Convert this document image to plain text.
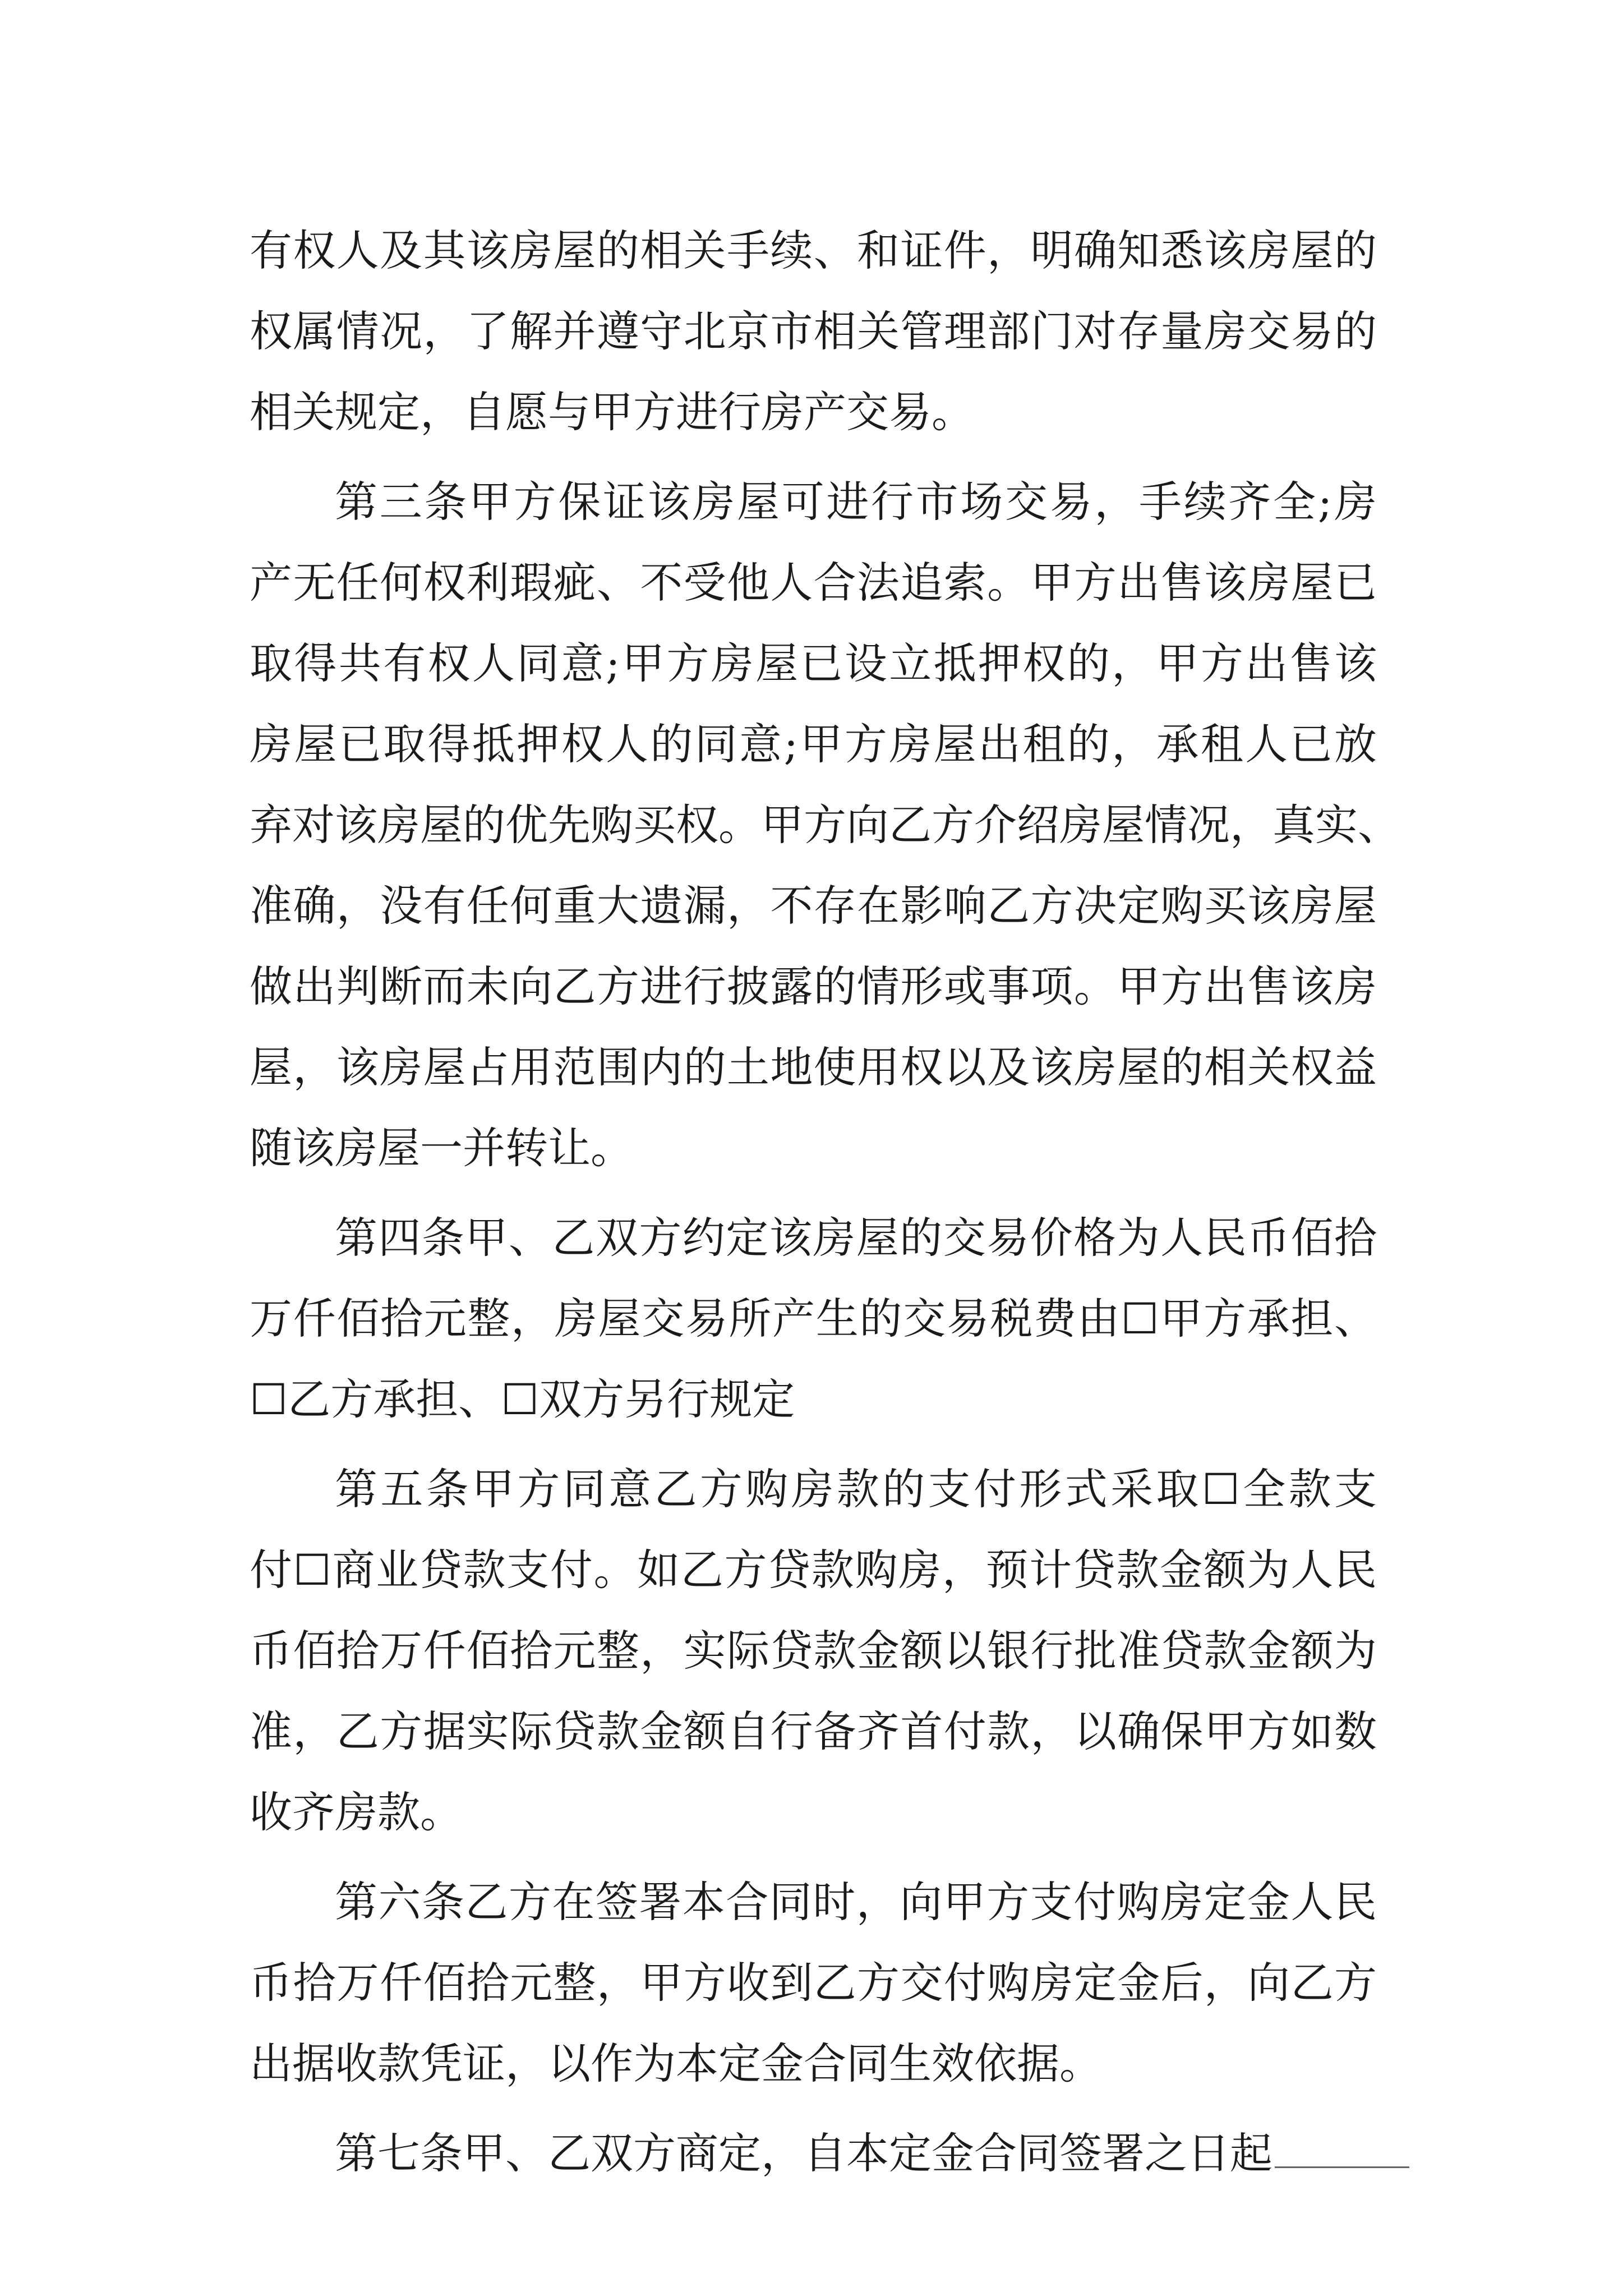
有权人及其该房屋的相关手续、和证件，明确知悉该房屋的
权属情况，了解并遵守北京市相关管理部门对存量房交易的
相关规定，自愿与甲方进行房产交易。
第三条甲方保证该房屋可进行市场交易，手续齐全;房
产无任何权利瑕疵、不受他人合法追索。甲方出售该房屋已
取得共有权人同意;甲方房屋已设立抵押权的，甲方出售该
房屋已取得抵押权人的同意;甲方房屋出租的，承租人已放
弃对该房屋的优先购买权。甲方向乙方介绍房屋情况，真实、
准确，没有任何重大遗漏，不存在影响乙方决定购买该房屋
做出判断而未向乙方进行披露的情形或事项。甲方出售该房
屋，该房屋占用范围内的土地使用权以及该房屋的相关权益
随该房屋一并转让。
第四条甲、乙双方约定该房屋的交易价格为人民币佰拾
万仟佰拾元整，房屋交易所产生的交易税费由☐甲方承担、
☐乙方承担、☐双方另行规定
第五条甲方同意乙方购房款的支付形式采取☐全款支
付☐商业贷款支付。如乙方贷款购房，预计贷款金额为人民
币佰拾万仟佰拾元整，实际贷款金额以银行批准贷款金额为
准，乙方据实际贷款金额自行备齐首付款，以确保甲方如数
收齐房款。
第六条乙方在签署本合同时，向甲方支付购房定金人民
币拾万仟佰拾元整，甲方收到乙方交付购房定金后，向乙方
出据收款凭证，以作为本定金合同生效依据。
第七条甲、乙双方商定，自本定金合同签署之日起
